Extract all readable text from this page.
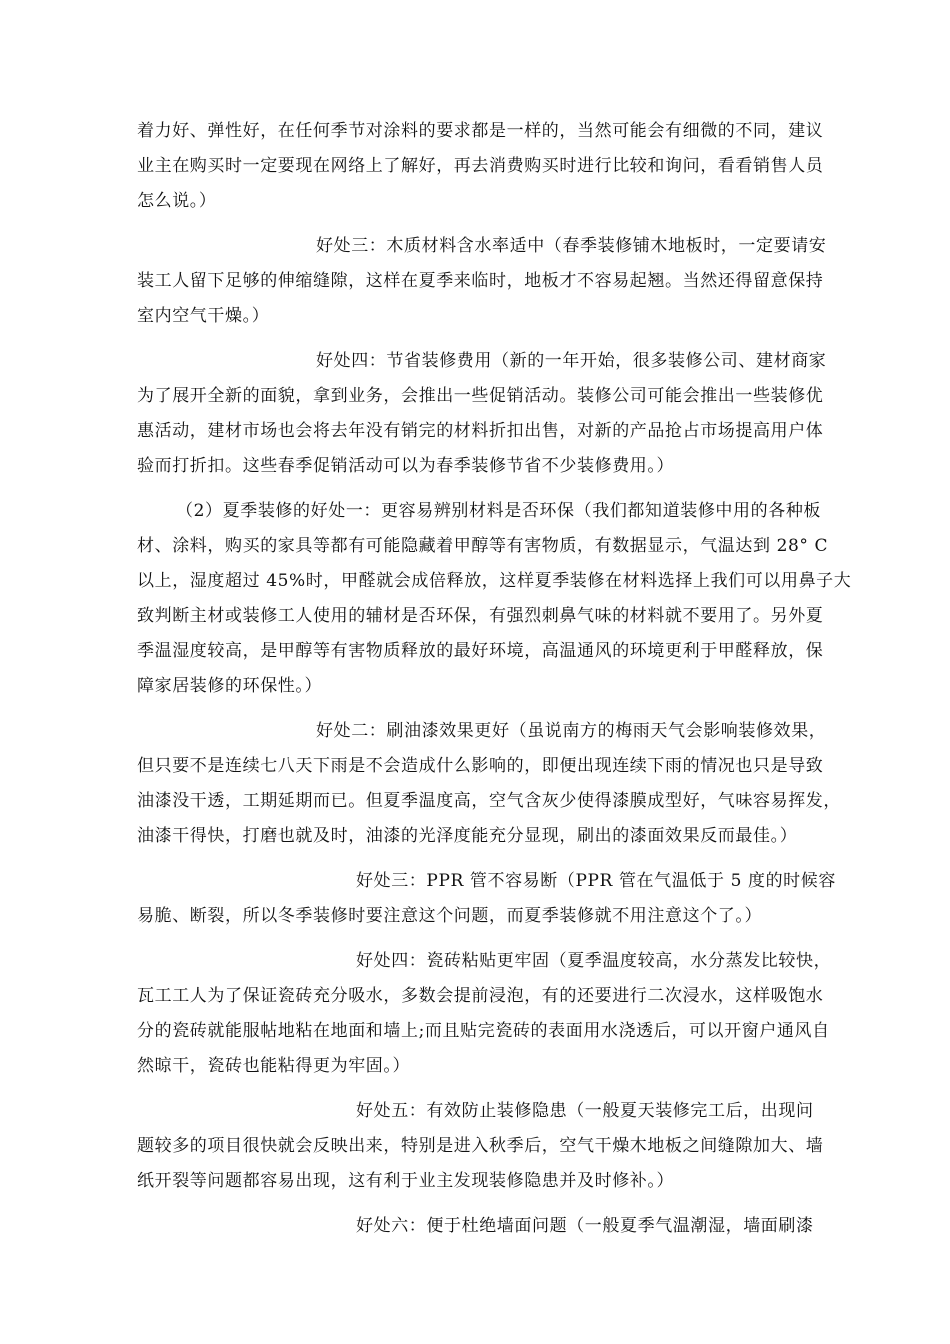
着力好、弹性好，在任何季节对涂料的要求都是一样的，当然可能会有细微的不同，建议
业主在购买时一定要现在网络上了解好，再去消费购买时进行比较和询问，看看销售人员
怎么说。）
好处三：木质材料含水率适中（春季装修铺木地板时，一定要请安
装工人留下足够的伸缩缝隙，这样在夏季来临时，地板才不容易起翘。当然还得留意保持
室内空气干燥。）
好处四：节省装修费用（新的一年开始，很多装修公司、建材商家
为了展开全新的面貌，拿到业务，会推出一些促销活动。装修公司可能会推出一些装修优
惠活动，建材市场也会将去年没有销完的材料折扣出售，对新的产品抢占市场提高用户体
验而打折扣。这些春季促销活动可以为春季装修节省不少装修费用。）
（2）夏季装修的好处一：更容易辨别材料是否环保（我们都知道装修中用的各种板
材、涂料，购买的家具等都有可能隐藏着甲醇等有害物质，有数据显示，气温达到 28° C
以上，湿度超过 45%时，甲醛就会成倍释放，这样夏季装修在材料选择上我们可以用鼻子大
致判断主材或装修工人使用的辅材是否环保，有强烈刺鼻气味的材料就不要用了。另外夏
季温湿度较高，是甲醇等有害物质释放的最好环境，高温通风的环境更利于甲醛释放，保
障家居装修的环保性。）
好处二：刷油漆效果更好（虽说南方的梅雨天气会影响装修效果，
但只要不是连续七八天下雨是不会造成什么影响的，即便出现连续下雨的情况也只是导致
油漆没干透，工期延期而已。但夏季温度高，空气含灰少使得漆膜成型好，气味容易挥发，
油漆干得快，打磨也就及时，油漆的光泽度能充分显现，刷出的漆面效果反而最佳。）
好处三：PPR 管不容易断（PPR 管在气温低于 5 度的时候容
易脆、断裂，所以冬季装修时要注意这个问题，而夏季装修就不用注意这个了。）
好处四：瓷砖粘贴更牢固（夏季温度较高，水分蒸发比较快，
瓦工工人为了保证瓷砖充分吸水，多数会提前浸泡，有的还要进行二次浸水，这样吸饱水
分的瓷砖就能服帖地粘在地面和墙上;而且贴完瓷砖的表面用水浇透后，可以开窗户通风自
然晾干，瓷砖也能粘得更为牢固。）
好处五：有效防止装修隐患（一般夏天装修完工后，出现问
题较多的项目很快就会反映出来，特别是进入秋季后，空气干燥木地板之间缝隙加大、墙
纸开裂等问题都容易出现，这有利于业主发现装修隐患并及时修补。）
好处六：便于杜绝墙面问题（一般夏季气温潮湿，墙面刷漆
